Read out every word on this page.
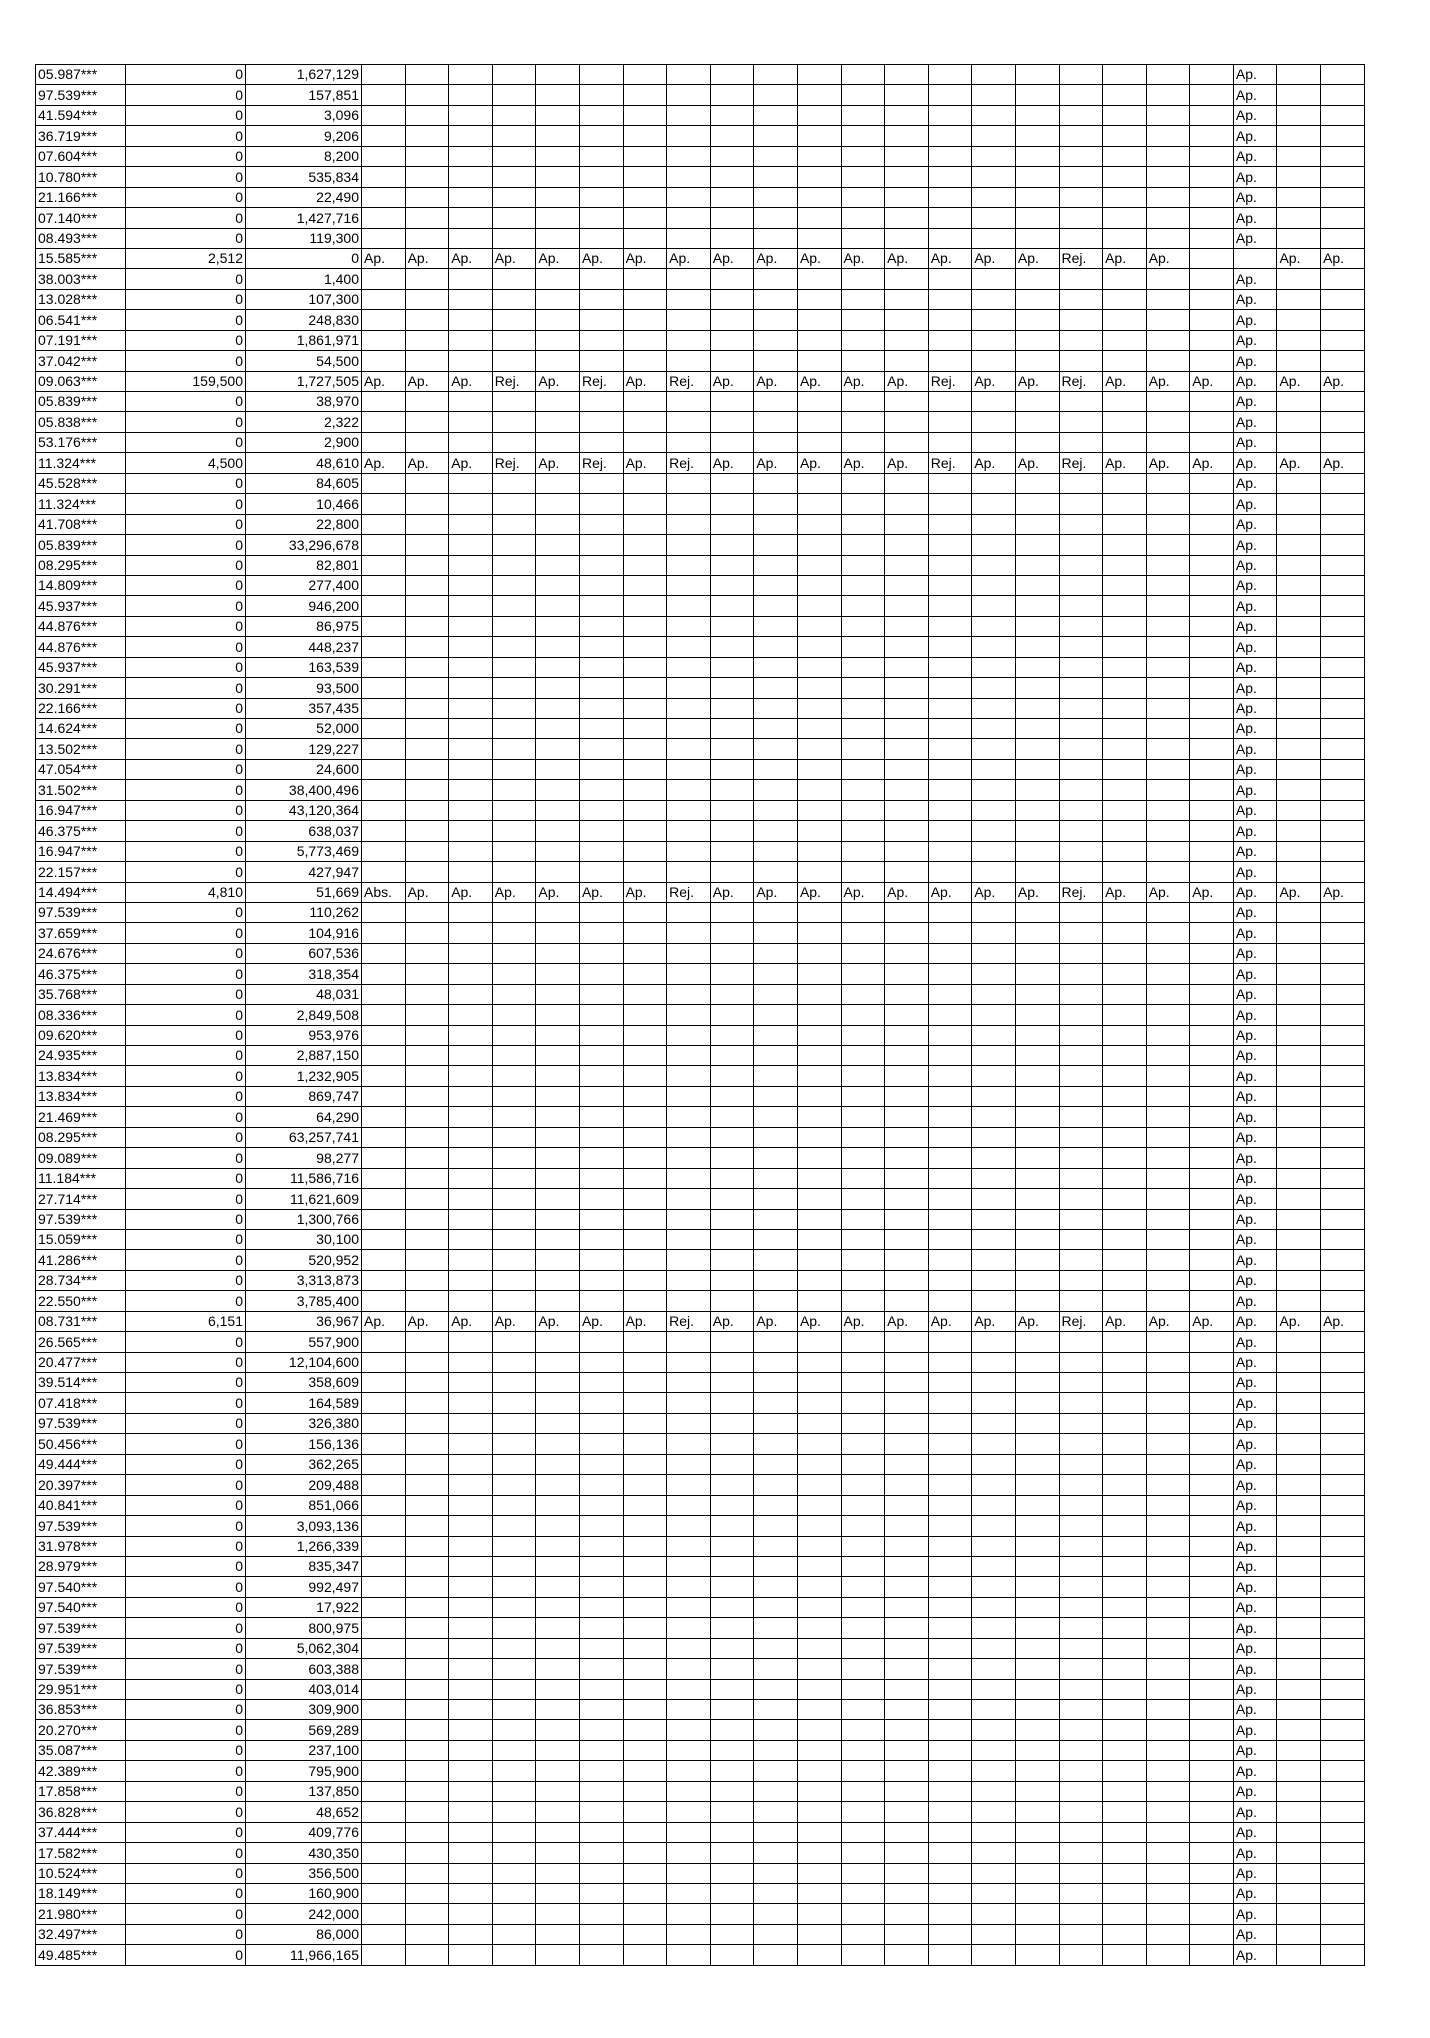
05.987***	0	1,627,129																					Ap.		
97.539***	0	157,851																					Ap.		
41.594***	0	3,096																					Ap.		
36.719***	0	9,206																					Ap.		
07.604***	0	8,200																					Ap.		
10.780***	0	535,834																					Ap.		
21.166***	0	22,490																					Ap.		
07.140***	0	1,427,716																					Ap.		
08.493***	0	119,300																					Ap.		
15.585***	2,512	0	Ap.	Ap.	Ap.	Ap.	Ap.	Ap.	Ap.	Ap.	Ap.	Ap.	Ap.	Ap.	Ap.	Ap.	Ap.	Ap.	Rej.	Ap.	Ap.			Ap.	Ap.
38.003***	0	1,400																					Ap.		
13.028***	0	107,300																					Ap.		
06.541***	0	248,830																					Ap.		
07.191***	0	1,861,971																					Ap.		
37.042***	0	54,500																					Ap.		
09.063***	159,500	1,727,505	Ap.	Ap.	Ap.	Rej.	Ap.	Rej.	Ap.	Rej.	Ap.	Ap.	Ap.	Ap.	Ap.	Rej.	Ap.	Ap.	Rej.	Ap.	Ap.	Ap.	Ap.	Ap.	Ap.
05.839***	0	38,970																					Ap.		
05.838***	0	2,322																					Ap.		
53.176***	0	2,900																					Ap.		
11.324***	4,500	48,610	Ap.	Ap.	Ap.	Rej.	Ap.	Rej.	Ap.	Rej.	Ap.	Ap.	Ap.	Ap.	Ap.	Rej.	Ap.	Ap.	Rej.	Ap.	Ap.	Ap.	Ap.	Ap.	Ap.
45.528***	0	84,605																					Ap.		
11.324***	0	10,466																					Ap.		
41.708***	0	22,800																					Ap.		
05.839***	0	33,296,678																					Ap.		
08.295***	0	82,801																					Ap.		
14.809***	0	277,400																					Ap.		
45.937***	0	946,200																					Ap.		
44.876***	0	86,975																					Ap.		
44.876***	0	448,237																					Ap.		
45.937***	0	163,539																					Ap.		
30.291***	0	93,500																					Ap.		
22.166***	0	357,435																					Ap.		
14.624***	0	52,000																					Ap.		
13.502***	0	129,227																					Ap.		
47.054***	0	24,600																					Ap.		
31.502***	0	38,400,496																					Ap.		
16.947***	0	43,120,364																					Ap.		
46.375***	0	638,037																					Ap.		
16.947***	0	5,773,469																					Ap.		
22.157***	0	427,947																					Ap.		
14.494***	4,810	51,669	Abs.	Ap.	Ap.	Ap.	Ap.	Ap.	Ap.	Rej.	Ap.	Ap.	Ap.	Ap.	Ap.	Ap.	Ap.	Ap.	Rej.	Ap.	Ap.	Ap.	Ap.	Ap.	Ap.
97.539***	0	110,262																					Ap.		
37.659***	0	104,916																					Ap.		
24.676***	0	607,536																					Ap.		
46.375***	0	318,354																					Ap.		
35.768***	0	48,031																					Ap.		
08.336***	0	2,849,508																					Ap.		
09.620***	0	953,976																					Ap.		
24.935***	0	2,887,150																					Ap.		
13.834***	0	1,232,905																					Ap.		
13.834***	0	869,747																					Ap.		
21.469***	0	64,290																					Ap.		
08.295***	0	63,257,741																					Ap.		
09.089***	0	98,277																					Ap.		
11.184***	0	11,586,716																					Ap.		
27.714***	0	11,621,609																					Ap.		
97.539***	0	1,300,766																					Ap.		
15.059***	0	30,100																					Ap.		
41.286***	0	520,952																					Ap.		
28.734***	0	3,313,873																					Ap.		
22.550***	0	3,785,400																					Ap.		
08.731***	6,151	36,967	Ap.	Ap.	Ap.	Ap.	Ap.	Ap.	Ap.	Rej.	Ap.	Ap.	Ap.	Ap.	Ap.	Ap.	Ap.	Ap.	Rej.	Ap.	Ap.	Ap.	Ap.	Ap.	Ap.
26.565***	0	557,900																					Ap.		
20.477***	0	12,104,600																					Ap.		
39.514***	0	358,609																					Ap.		
07.418***	0	164,589																					Ap.		
97.539***	0	326,380																					Ap.		
50.456***	0	156,136																					Ap.		
49.444***	0	362,265																					Ap.		
20.397***	0	209,488																					Ap.		
40.841***	0	851,066																					Ap.		
97.539***	0	3,093,136																					Ap.		
31.978***	0	1,266,339																					Ap.		
28.979***	0	835,347																					Ap.		
97.540***	0	992,497																					Ap.		
97.540***	0	17,922																					Ap.		
97.539***	0	800,975																					Ap.		
97.539***	0	5,062,304																					Ap.		
97.539***	0	603,388																					Ap.		
29.951***	0	403,014																					Ap.		
36.853***	0	309,900																					Ap.		
20.270***	0	569,289																					Ap.		
35.087***	0	237,100																					Ap.		
42.389***	0	795,900																					Ap.		
17.858***	0	137,850																					Ap.		
36.828***	0	48,652																					Ap.		
37.444***	0	409,776																					Ap.		
17.582***	0	430,350																					Ap.		
10.524***	0	356,500																					Ap.		
18.149***	0	160,900																					Ap.		
21.980***	0	242,000																					Ap.		
32.497***	0	86,000																					Ap.		
49.485***	0	11,966,165																					Ap.		
